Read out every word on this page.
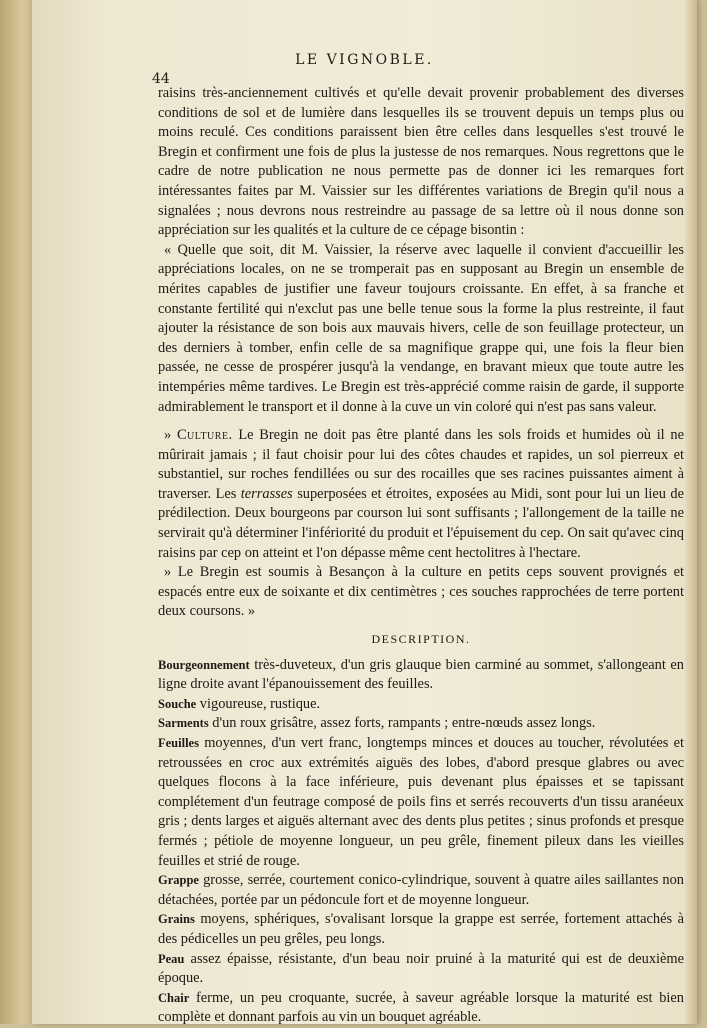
LE VIGNOBLE.
44

raisins très-anciennement cultivés et qu'elle devait provenir probablement des diverses conditions de sol et de lumière dans lesquelles ils se trouvent depuis un temps plus ou moins reculé. Ces conditions paraissent bien être celles dans lesquelles s'est trouvé le Bregin et confirment une fois de plus la justesse de nos remarques. Nous regrettons que le cadre de notre publication ne nous permette pas de donner ici les remarques fort intéressantes faites par M. Vaissier sur les différentes variations de Bregin qu'il nous a signalées ; nous devrons nous restreindre au passage de sa lettre où il nous donne son appréciation sur les qualités et la culture de ce cépage bisontin :

« Quelle que soit, dit M. Vaissier, la réserve avec laquelle il convient d'accueillir les appréciations locales, on ne se tromperait pas en supposant au Bregin un ensemble de mérites capables de justifier une faveur toujours croissante. En effet, à sa franche et constante fertilité qui n'exclut pas une belle tenue sous la forme la plus restreinte, il faut ajouter la résistance de son bois aux mauvais hivers, celle de son feuillage protecteur, un des derniers à tomber, enfin celle de sa magnifique grappe qui, une fois la fleur bien passée, ne cesse de prospérer jusqu'à la vendange, en bravant mieux que toute autre les intempéries même tardives. Le Bregin est très-apprécié comme raisin de garde, il supporte admirablement le transport et il donne à la cuve un vin coloré qui n'est pas sans valeur.

» Culture. Le Bregin ne doit pas être planté dans les sols froids et humides où il ne mûrirait jamais ; il faut choisir pour lui des côtes chaudes et rapides, un sol pierreux et substantiel, sur roches fendillées ou sur des rocailles que ses racines puissantes aiment à traverser. Les terrasses superposées et étroites, exposées au Midi, sont pour lui un lieu de prédilection. Deux bourgeons par courson lui sont suffisants ; l'allongement de la taille ne servirait qu'à déterminer l'infériorité du produit et l'épuisement du cep. On sait qu'avec cinq raisins par cep on atteint et l'on dépasse même cent hectolitres à l'hectare.

» Le Bregin est soumis à Besançon à la culture en petits ceps souvent provignés et espacés entre eux de soixante et dix centimètres ; ces souches rapprochées de terre portent deux coursons. »

DESCRIPTION.

Bourgeonnement très-duveteux, d'un gris glauque bien carminé au sommet, s'allongeant en ligne droite avant l'épanouissement des feuilles.

Souche vigoureuse, rustique.

Sarments d'un roux grisâtre, assez forts, rampants ; entre-nœuds assez longs.

Feuilles moyennes, d'un vert franc, longtemps minces et douces au toucher, révolutées et retroussées en croc aux extrémités aiguës des lobes, d'abord presque glabres ou avec quelques flocons à la face inférieure, puis devenant plus épaisses et se tapissant complétement d'un feutrage composé de poils fins et serrés recouverts d'un tissu aranéeux gris ; dents larges et aiguës alternant avec des dents plus petites ; sinus profonds et presque fermés ; pétiole de moyenne longueur, un peu grêle, finement pileux dans les vieilles feuilles et strié de rouge.

Grappe grosse, serrée, courtement conico-cylindrique, souvent à quatre ailes saillantes non détachées, portée par un pédoncule fort et de moyenne longueur.

Grains moyens, sphériques, s'ovalisant lorsque la grappe est serrée, fortement attachés à des pédicelles un peu grêles, peu longs.

Peau assez épaisse, résistante, d'un beau noir pruiné à la maturité qui est de deuxième époque.

Chair ferme, un peu croquante, sucrée, à saveur agréable lorsque la maturité est bien complète et donnant parfois au vin un bouquet agréable.
